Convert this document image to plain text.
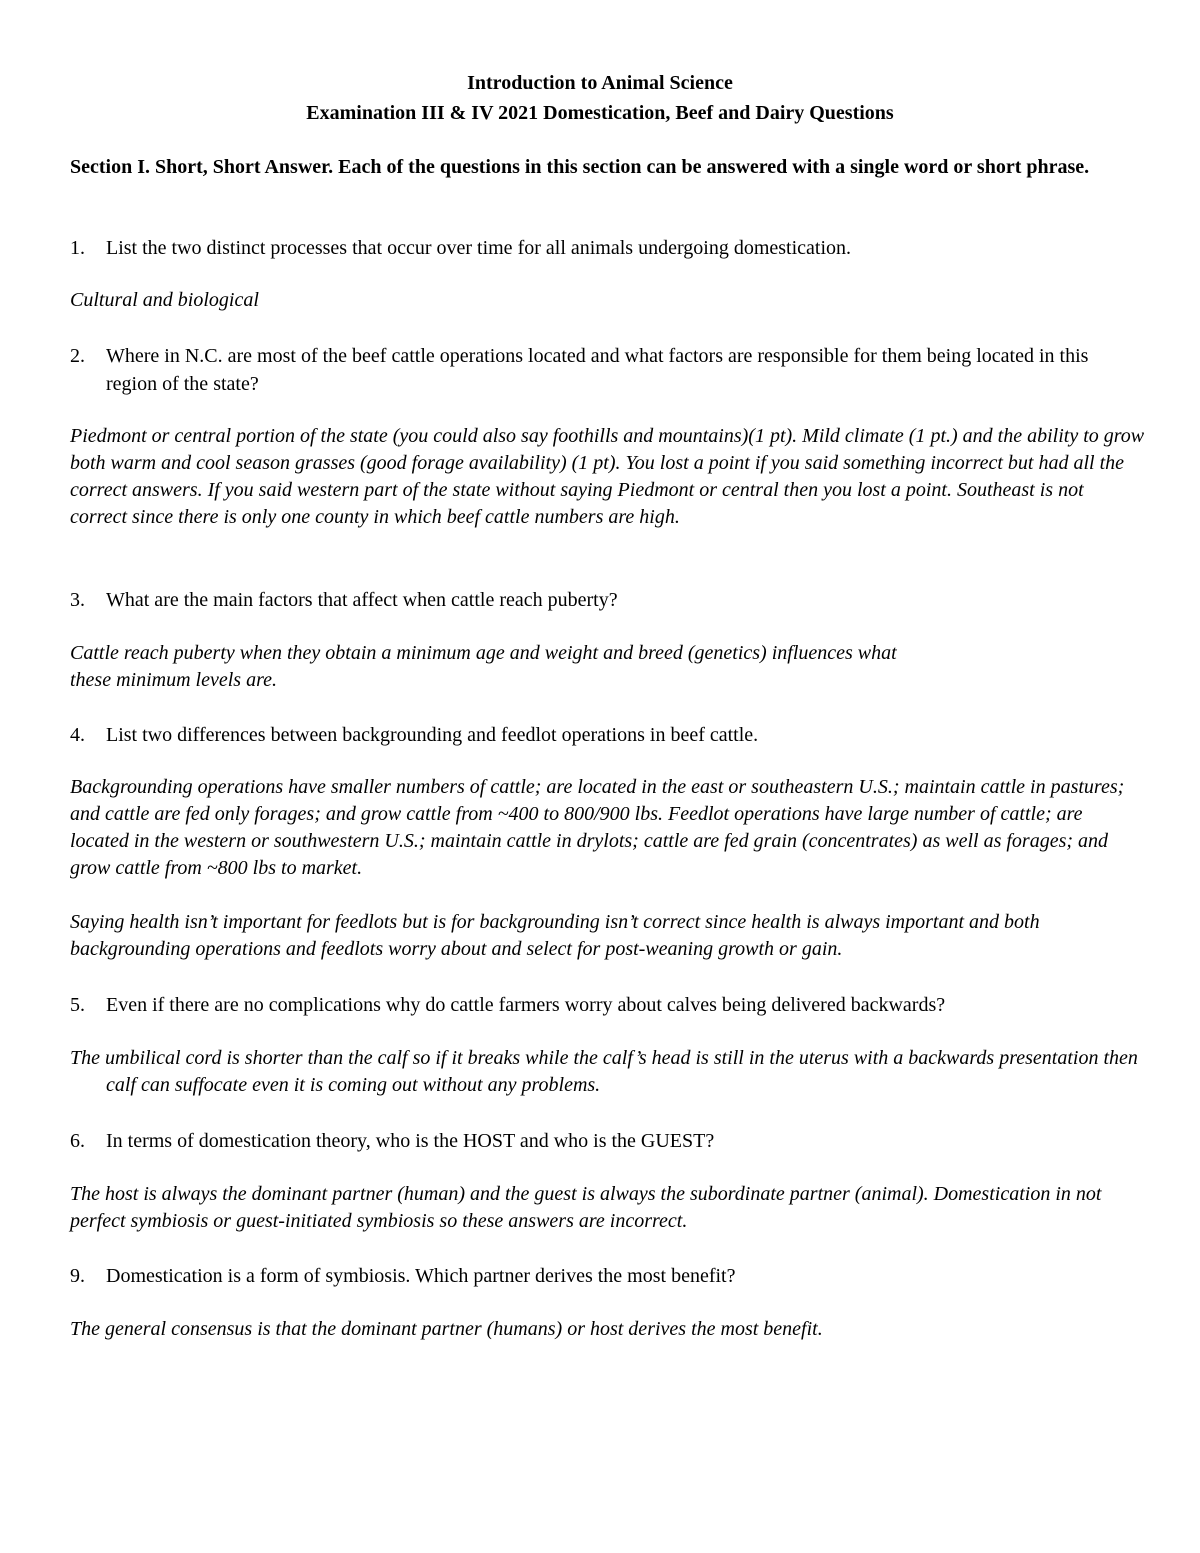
Introduction to Animal Science
Examination III & IV 2021 Domestication, Beef and Dairy Questions
Section I. Short, Short Answer. Each of the questions in this section can be answered with a single word or short phrase.
1.	List the two distinct processes that occur over time for all animals undergoing domestication.
Cultural and biological
2.	Where in N.C. are most of the beef cattle operations located and what factors are responsible for them being located in this region of the state?
Piedmont or central portion of the state (you could also say foothills and mountains)(1 pt). Mild climate (1 pt.) and the ability to grow both warm and cool season grasses (good forage availability) (1 pt). You lost a point if you said something incorrect but had all the correct answers. If you said western part of the state without saying Piedmont or central then you lost a point. Southeast is not correct since there is only one county in which beef cattle numbers are high.
3.	What are the main factors that affect when cattle reach puberty?
Cattle reach puberty when they obtain a minimum age and weight and breed (genetics) influences what these minimum levels are.
4.	List two differences between backgrounding and feedlot operations in beef cattle.
Backgrounding operations have smaller numbers of cattle; are located in the east or southeastern U.S.; maintain cattle in pastures; and cattle are fed only forages; and grow cattle from ~400 to 800/900 lbs. Feedlot operations have large number of cattle; are located in the western or southwestern U.S.; maintain cattle in drylots; cattle are fed grain (concentrates) as well as forages; and grow cattle from ~800 lbs to market.
Saying health isn’t important for feedlots but is for backgrounding isn’t correct since health is always important and both backgrounding operations and feedlots worry about and select for post-weaning growth or gain.
5.	Even if there are no complications why do cattle farmers worry about calves being delivered backwards?
The umbilical cord is shorter than the calf so if it breaks while the calf’s head is still in the uterus with a backwards presentation then calf can suffocate even it is coming out without any problems.
6.	In terms of domestication theory, who is the HOST and who is the GUEST?
The host is always the dominant partner (human) and the guest is always the subordinate partner (animal). Domestication in not perfect symbiosis or guest-initiated symbiosis so these answers are incorrect.
9.	Domestication is a form of symbiosis. Which partner derives the most benefit?
The general consensus is that the dominant partner (humans) or host derives the most benefit.
